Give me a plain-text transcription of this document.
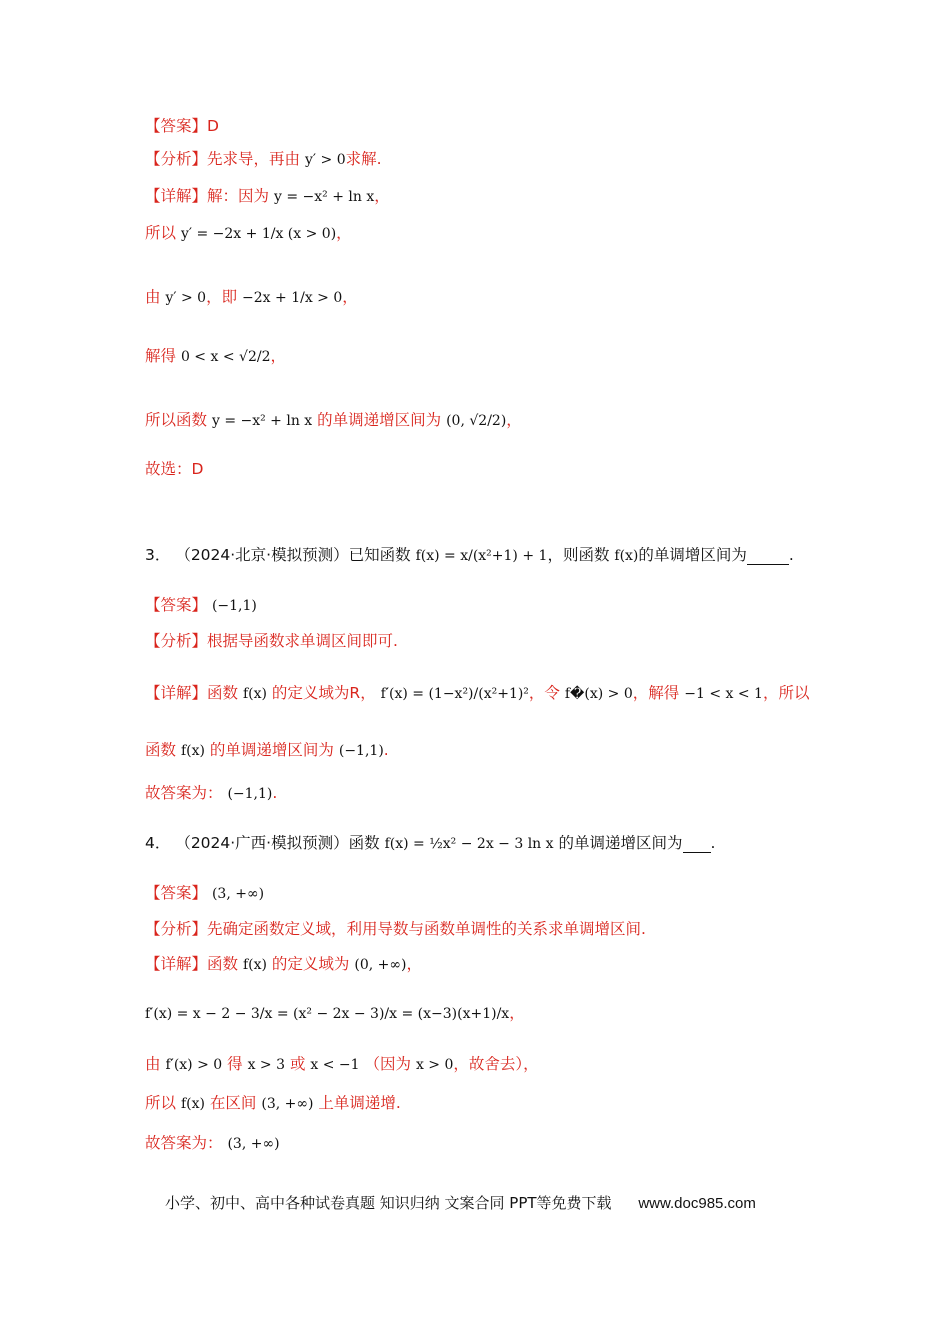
【答案】D
【分析】先求导，再由 y′ > 0求解.
【详解】解：因为 y = −x² + ln x，
所以 y′ = −2x + 1/x (x > 0)，
由 y′ > 0，即 −2x + 1/x > 0，
解得 0 < x < √2/2，
所以函数 y = −x² + ln x 的单调递增区间为 (0, √2/2)，
故选：D
3． （2024·北京·模拟预测）已知函数 f(x) = x/(x²+1) + 1，则函数 f(x)的单调增区间为	.
【答案】 (−1,1)
【分析】根据导函数求单调区间即可.
【详解】函数 f(x) 的定义域为R， f′(x) = (1−x²)/(x²+1)²，令 f�(x) > 0，解得 −1 < x < 1，所以
函数 f(x) 的单调递增区间为 (−1,1).
故答案为： (−1,1).
4． （2024·广西·模拟预测）函数 f(x) = ½x² − 2x − 3 ln x 的单调递增区间为 .
【答案】 (3, +∞)
【分析】先确定函数定义域，利用导数与函数单调性的关系求单调增区间.
【详解】函数 f(x) 的定义域为 (0, +∞)，
f′(x) = x − 2 − 3/x = (x² − 2x − 3)/x = (x−3)(x+1)/x，
由 f′(x) > 0 得 x > 3 或 x < −1 （因为 x > 0，故舍去），
所以 f(x) 在区间 (3, +∞) 上单调递增.
故答案为： (3, +∞)
小学、初中、高中各种试卷真题 知识归纳 文案合同 PPT等免费下载 www.doc985.com
